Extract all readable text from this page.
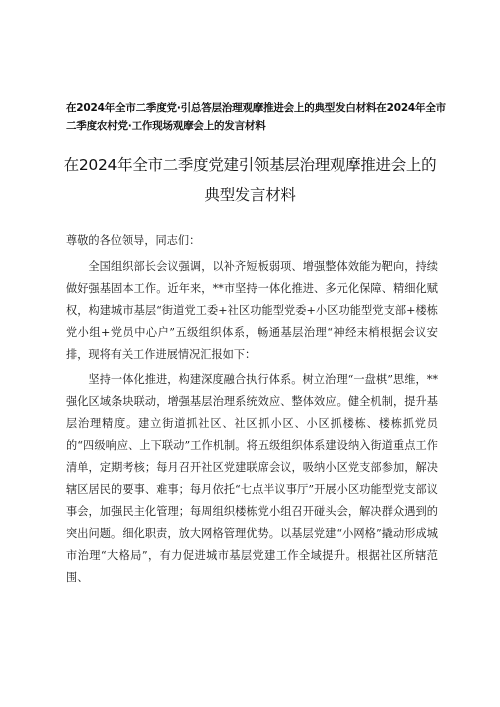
在2024年全市二季度党·引总答层治理观摩推进会上的典型发白材料在2024年全市二季度农村党·工作现场观摩会上的发言材料
在2024年全市二季度党建引领基层治理观摩推进会上的
典型发言材料

尊敬的各位领导，同志们：

全国组织部长会议强调，以补齐短板弱项、增强整体效能为靶向，持续做好强基固本工作。近年来，**市坚持一体化推进、多元化保障、精细化赋权，构建城市基层“街道党工委+社区功能型党委+小区功能型党支部+楼栋党小组+党员中心户”五级组织体系，畅通基层治理“神经末梢根据会议安排，现将有关工作进展情况汇报如下：

坚持一体化推进，构建深度融合执行体系。树立治理“一盘棋”思维，**强化区域条块联动，增强基层治理系统效应、整体效应。健全机制，提升基层治理精度。建立街道抓社区、社区抓小区、小区抓楼栋、楼栋抓党员的“四级响应、上下联动”工作机制。将五级组织体系建设纳入街道重点工作清单，定期考核；每月召开社区党建联席会议，吸纳小区党支部参加，解决辖区居民的要事、难事；每月依托“七点半议事厅”开展小区功能型党支部议事会，加强民主化管理；每周组织楼栋党小组召开碰头会，解决群众遇到的突出问题。细化职责，放大网格管理优势。以基层党建“小网格”撬动形成城市治理“大格局”，有力促进城市基层党建工作全域提升。根据社区所辖范围、
